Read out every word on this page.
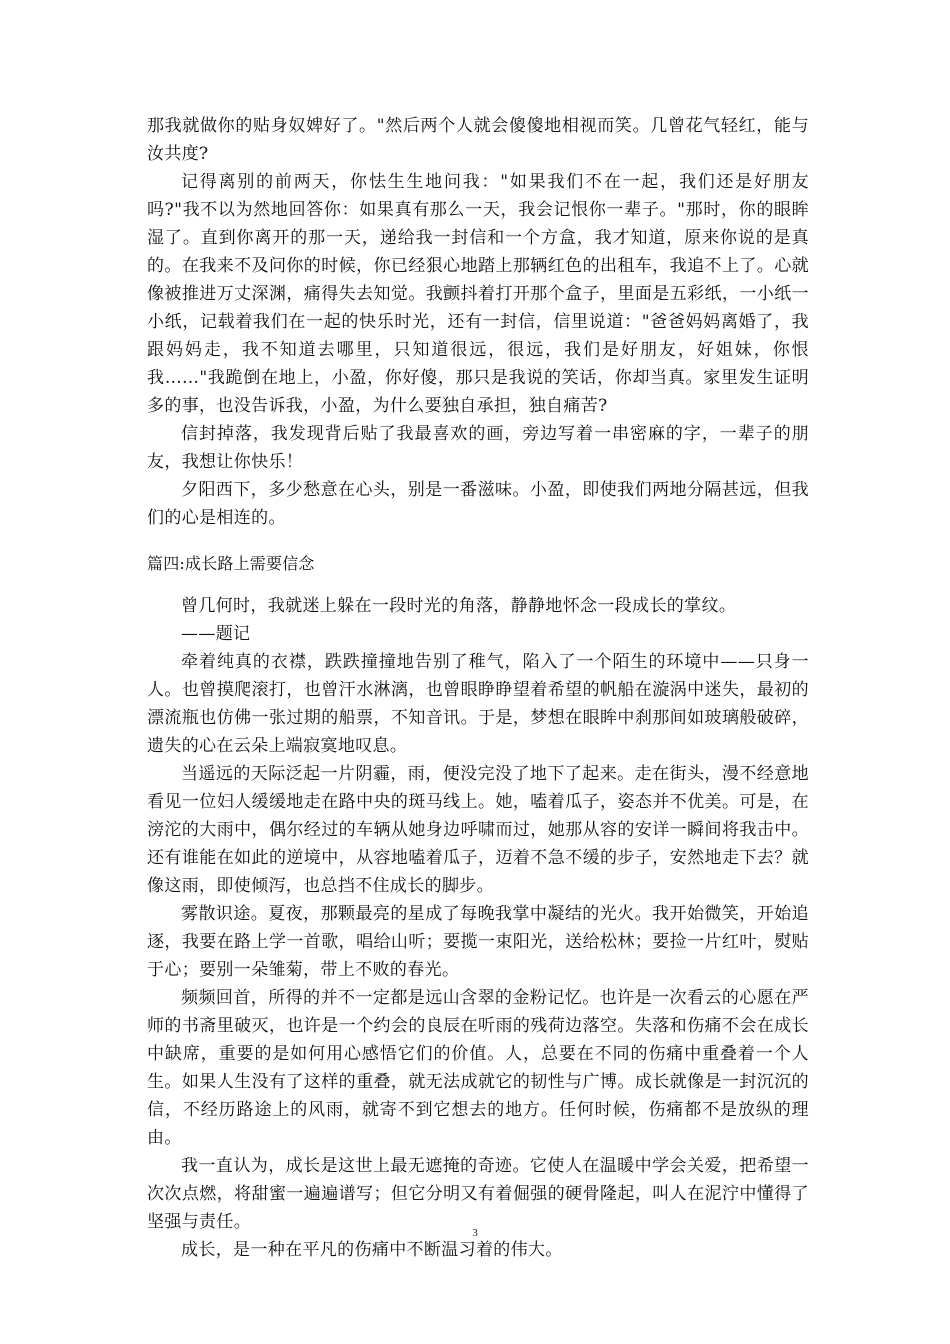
那我就做你的贴身奴婢好了。"然后两个人就会傻傻地相视而笑。几曾花气轻红，能与汝共度?

记得离别的前两天，你怯生生地问我："如果我们不在一起，我们还是好朋友吗?"我不以为然地回答你：如果真有那么一天，我会记恨你一辈子。"那时，你的眼眸湿了。直到你离开的那一天，递给我一封信和一个方盒，我才知道，原来你说的是真的。在我来不及问你的时候，你已经狠心地踏上那辆红色的出租车，我追不上了。心就像被推进万丈深渊，痛得失去知觉。我颤抖着打开那个盒子，里面是五彩纸，一小纸一小纸，记载着我们在一起的快乐时光，还有一封信，信里说道："爸爸妈妈离婚了，我跟妈妈走，我不知道去哪里，只知道很远，很远，我们是好朋友，好姐妹，你恨我……"我跪倒在地上，小盈，你好傻，那只是我说的笑话，你却当真。家里发生证明多的事，也没告诉我，小盈，为什么要独自承担，独自痛苦?

信封掉落，我发现背后贴了我最喜欢的画，旁边写着一串密麻的字，一辈子的朋友，我想让你快乐！

夕阳西下，多少愁意在心头，别是一番滋味。小盈，即使我们两地分隔甚远，但我们的心是相连的。

篇四:成长路上需要信念

曾几何时，我就迷上躲在一段时光的角落，静静地怀念一段成长的掌纹。

——题记

牵着纯真的衣襟，跌跌撞撞地告别了稚气，陷入了一个陌生的环境中——只身一人。也曾摸爬滚打，也曾汗水淋漓，也曾眼睁睁望着希望的帆船在漩涡中迷失，最初的漂流瓶也仿佛一张过期的船票，不知音讯。于是，梦想在眼眸中刹那间如玻璃般破碎，遗失的心在云朵上端寂寞地叹息。

当遥远的天际泛起一片阴霾，雨，便没完没了地下了起来。走在街头，漫不经意地看见一位妇人缓缓地走在路中央的斑马线上。她，嗑着瓜子，姿态并不优美。可是，在滂沱的大雨中，偶尔经过的车辆从她身边呼啸而过，她那从容的安详一瞬间将我击中。还有谁能在如此的逆境中，从容地嗑着瓜子，迈着不急不缓的步子，安然地走下去？就像这雨，即使倾泻，也总挡不住成长的脚步。

雾散识途。夏夜，那颗最亮的星成了每晚我掌中凝结的光火。我开始微笑，开始追逐，我要在路上学一首歌，唱给山听；要揽一束阳光，送给松林；要捡一片红叶，熨贴于心；要别一朵雏菊，带上不败的春光。

频频回首，所得的并不一定都是远山含翠的金粉记忆。也许是一次看云的心愿在严师的书斋里破灭，也许是一个约会的良辰在听雨的残荷边落空。失落和伤痛不会在成长中缺席，重要的是如何用心感悟它们的价值。人，总要在不同的伤痛中重叠着一个人生。如果人生没有了这样的重叠，就无法成就它的韧性与广博。成长就像是一封沉沉的信，不经历路途上的风雨，就寄不到它想去的地方。任何时候，伤痛都不是放纵的理由。

我一直认为，成长是这世上最无遮掩的奇迹。它使人在温暖中学会关爱，把希望一次次点燃，将甜蜜一遍遍谱写；但它分明又有着倔强的硬骨隆起，叫人在泥泞中懂得了坚强与责任。

成长，是一种在平凡的伤痛中不断温习着的伟大。

3
